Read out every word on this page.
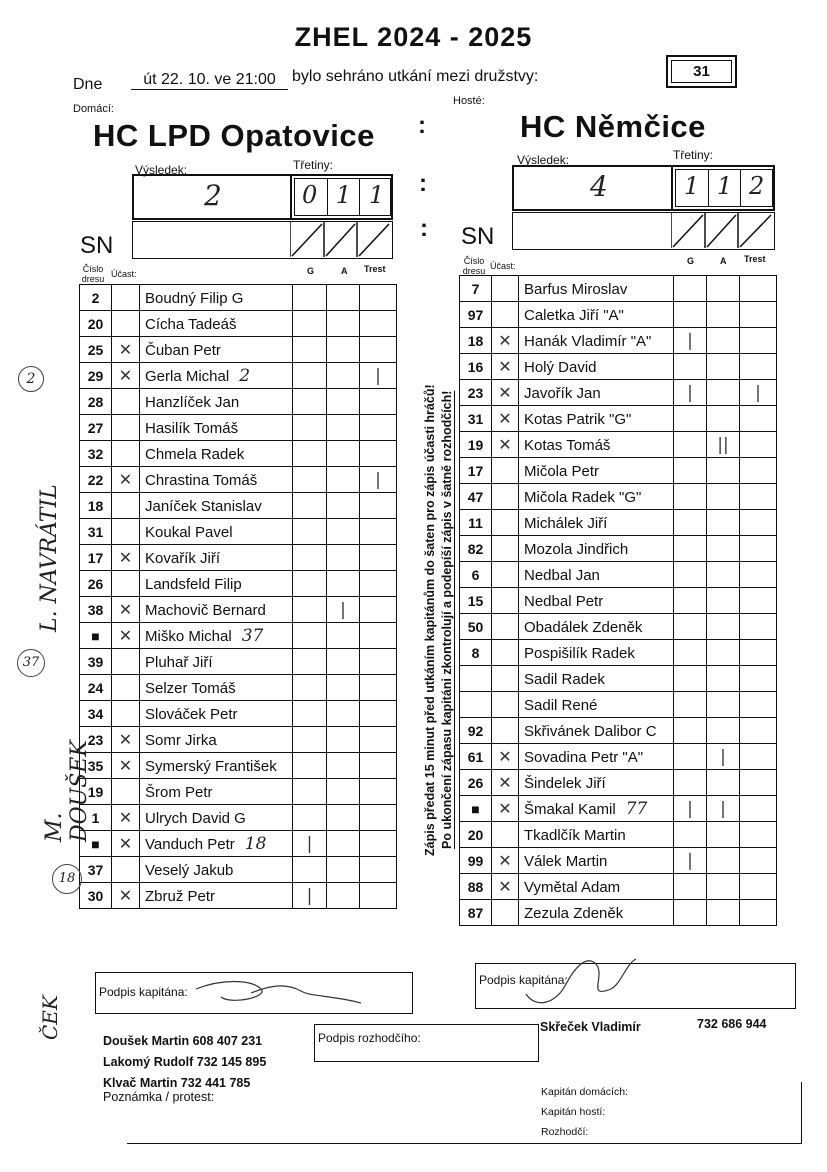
ZHEL 2024 - 2025
Dne	út 22. 10. ve 21:00	bylo sehráno utkání mezi družstvy:	31
Domácí:
Hosté:
HC LPD Opatovice	HC Němčice
:
:
:
Výsledek:	Třetiny:
2	0 1 1
SN
Výsledek:	Třetiny:
4	1 1 2
SN
Číslo dresu Účast:	G	A Trest
Číslo dresu Účast:	G	A Trest
2		Boudný Filip G			
20		Cícha Tadeáš			
25	✕	Čuban Petr			
29	✕	Gerla Michal 2			|
28		Hanzlíček Jan			
27		Hasilík Tomáš			
32		Chmela Radek			
22	✕	Chrastina Tomáš			|
18		Janíček Stanislav			
31		Koukal Pavel			
17	✕	Kovařík Jiří			
26		Landsfeld Filip			
38	✕	Machovič Bernard		|	
■	✕	Miško Michal 37			
39		Pluhař Jiří			
24		Selzer Tomáš			
34		Slováček Petr			
23	✕	Somr Jirka			
35	✕	Symerský František			
19		Šrom Petr			
1	✕	Ulrych David G			
■	✕	Vanduch Petr 18	|		
37		Veselý Jakub			
30	✕	Zbruž Petr	|		
7		Barfus Miroslav			
97		Caletka Jiří "A"			
18	✕	Hanák Vladimír "A"	|		
16	✕	Holý David			
23	✕	Javořík Jan	|		|
31	✕	Kotas Patrik "G"			
19	✕	Kotas Tomáš		||	
17		Mičola Petr			
47		Mičola Radek "G"			
11		Michálek Jiří			
82		Mozola Jindřich			
6		Nedbal Jan			
15		Nedbal Petr			
50		Obadálek Zdeněk			
8		Pospišilík Radek			
		Sadil Radek			
		Sadil René			
92		Skřivánek Dalibor C			
61	✕	Sovadina Petr "A"		|	
26	✕	Šindelek Jiří			
■	✕	Šmakal Kamil 77	|	|	
20		Tkadlčík Martin			
99	✕	Válek Martin	|		
88	✕	Vymětal Adam			
87		Zezula Zdeněk			
Zápis předat 15 minut před utkáním kapitánům do šaten pro zápis účasti hráčů! Po ukončení zápasu kapitáni zkontrolují a podepíší zápis v šatně rozhodčích!
2
L. NAVRÁTIL
37
M. DOUŠEK
18
ČEK
Podpis kapitána:
Podpis kapitána:
Podpis rozhodčího:
Doušek Martin 608 407 231
Lakomý Rudolf 732 145 895
Klvač Martin 732 441 785
Skřeček Vladimír	732 686 944
Poznámka / protest:	Kapitán domácích:
Kapitán hostí:
Rozhodčí:
